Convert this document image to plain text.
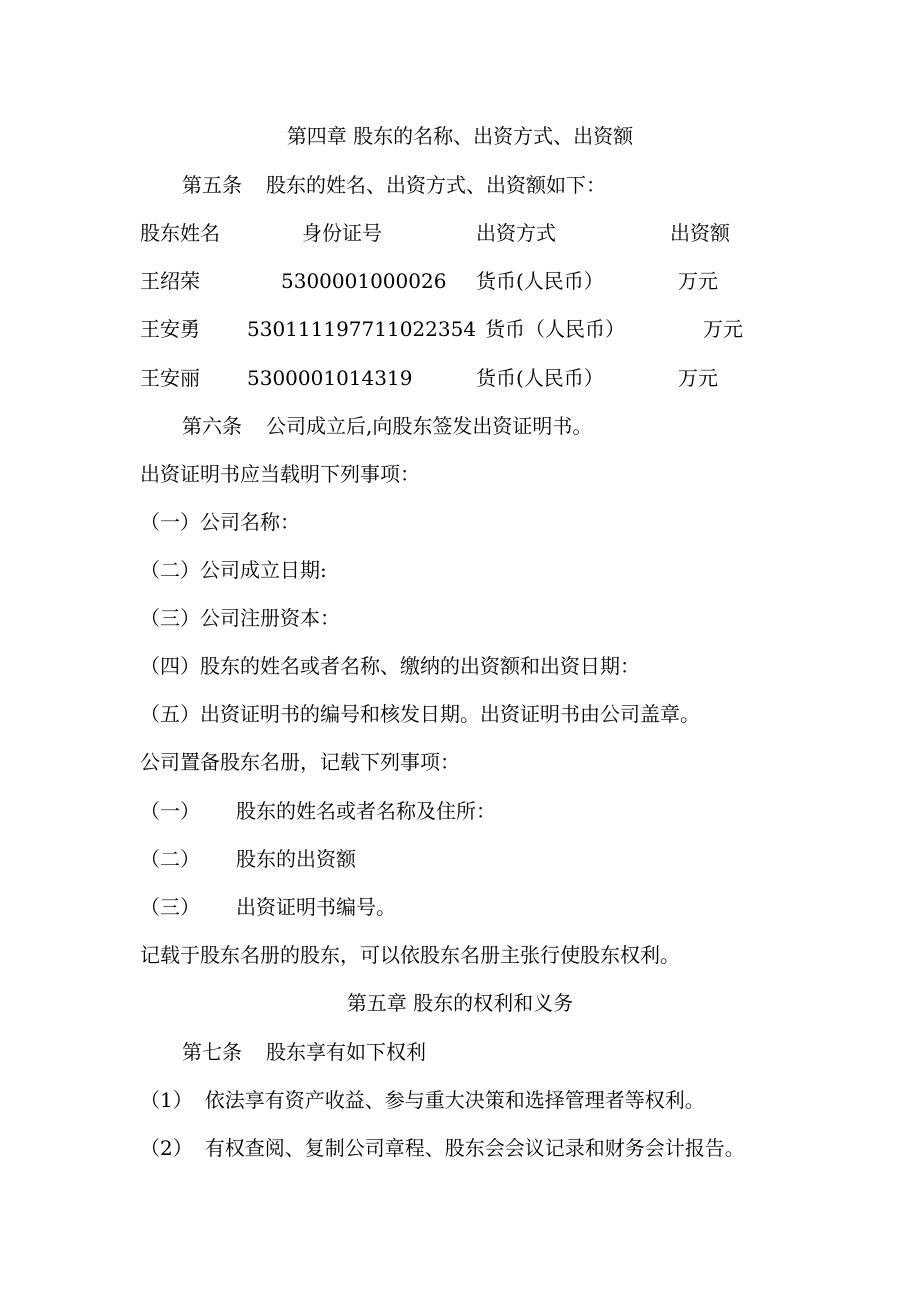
第四章 股东的名称、出资方式、出资额
第五条 股东的姓名、出资方式、出资额如下：
股东姓名	身份证号	出资方式	出资额
王绍荣	5300001000026 货币(人民币）	万元
王安勇 530111197711022354 货币（人民币）	万元
王安丽 5300001014319	货币(人民币）	万元
第六条 公司成立后,向股东签发出资证明书。
出资证明书应当载明下列事项：
（一）公司名称：
（二）公司成立日期:
（三）公司注册资本：
（四）股东的姓名或者名称、缴纳的出资额和出资日期：
（五）出资证明书的编号和核发日期。出资证明书由公司盖章。
公司置备股东名册，记载下列事项：
（一） 股东的姓名或者名称及住所：
（二） 股东的出资额
（三） 出资证明书编号。
记载于股东名册的股东，可以依股东名册主张行使股东权利。
第五章 股东的权利和义务
第七条 股东享有如下权利
（1） 依法享有资产收益、参与重大决策和选择管理者等权利。
（2） 有权查阅、复制公司章程、股东会会议记录和财务会计报告。
